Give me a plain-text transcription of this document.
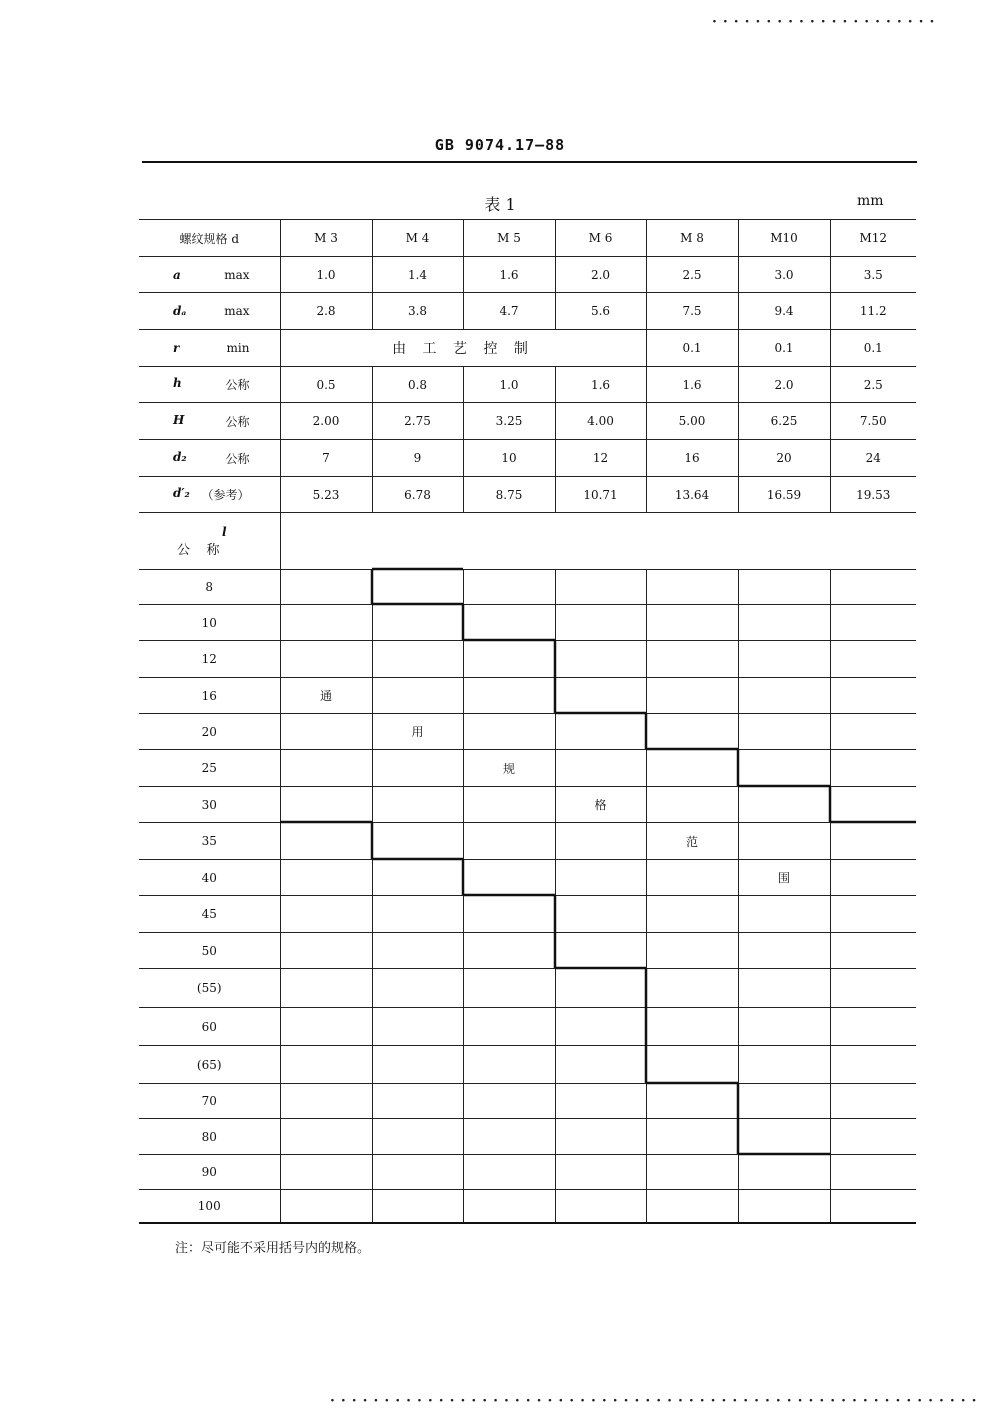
·····················
····························································
GB 9074.17—88
表 1	mm
螺纹规格 d	M 3	M 4	M 5	M 6	M 8	M10	M12

a max	1.0	1.4	1.6	2.0	2.5	3.0	3.5

dₐ max	2.8	3.8	4.7	5.6	7.5	9.4	11.2

r min	由 工 艺 控 制				0.1	0.1	0.1

h 公称	0.5	0.8	1.0	1.6	1.6	2.0	2.5

H 公称	2.00	2.75	3.25	4.00	5.00	6.25	7.50

d₂ 公称	7	9	10	12	16	20	24

d′₂ （参考）	5.23	6.78	8.75	10.71	13.64	16.59	19.53

l
公    称							

8							
10							
12							
16	通						
20		用					
25			规				
30				格			
35					范		
40						围	
45							
50							
(55)							
60							
(65)							
70							
80							
90							
100							
注：尽可能不采用括号内的规格。
